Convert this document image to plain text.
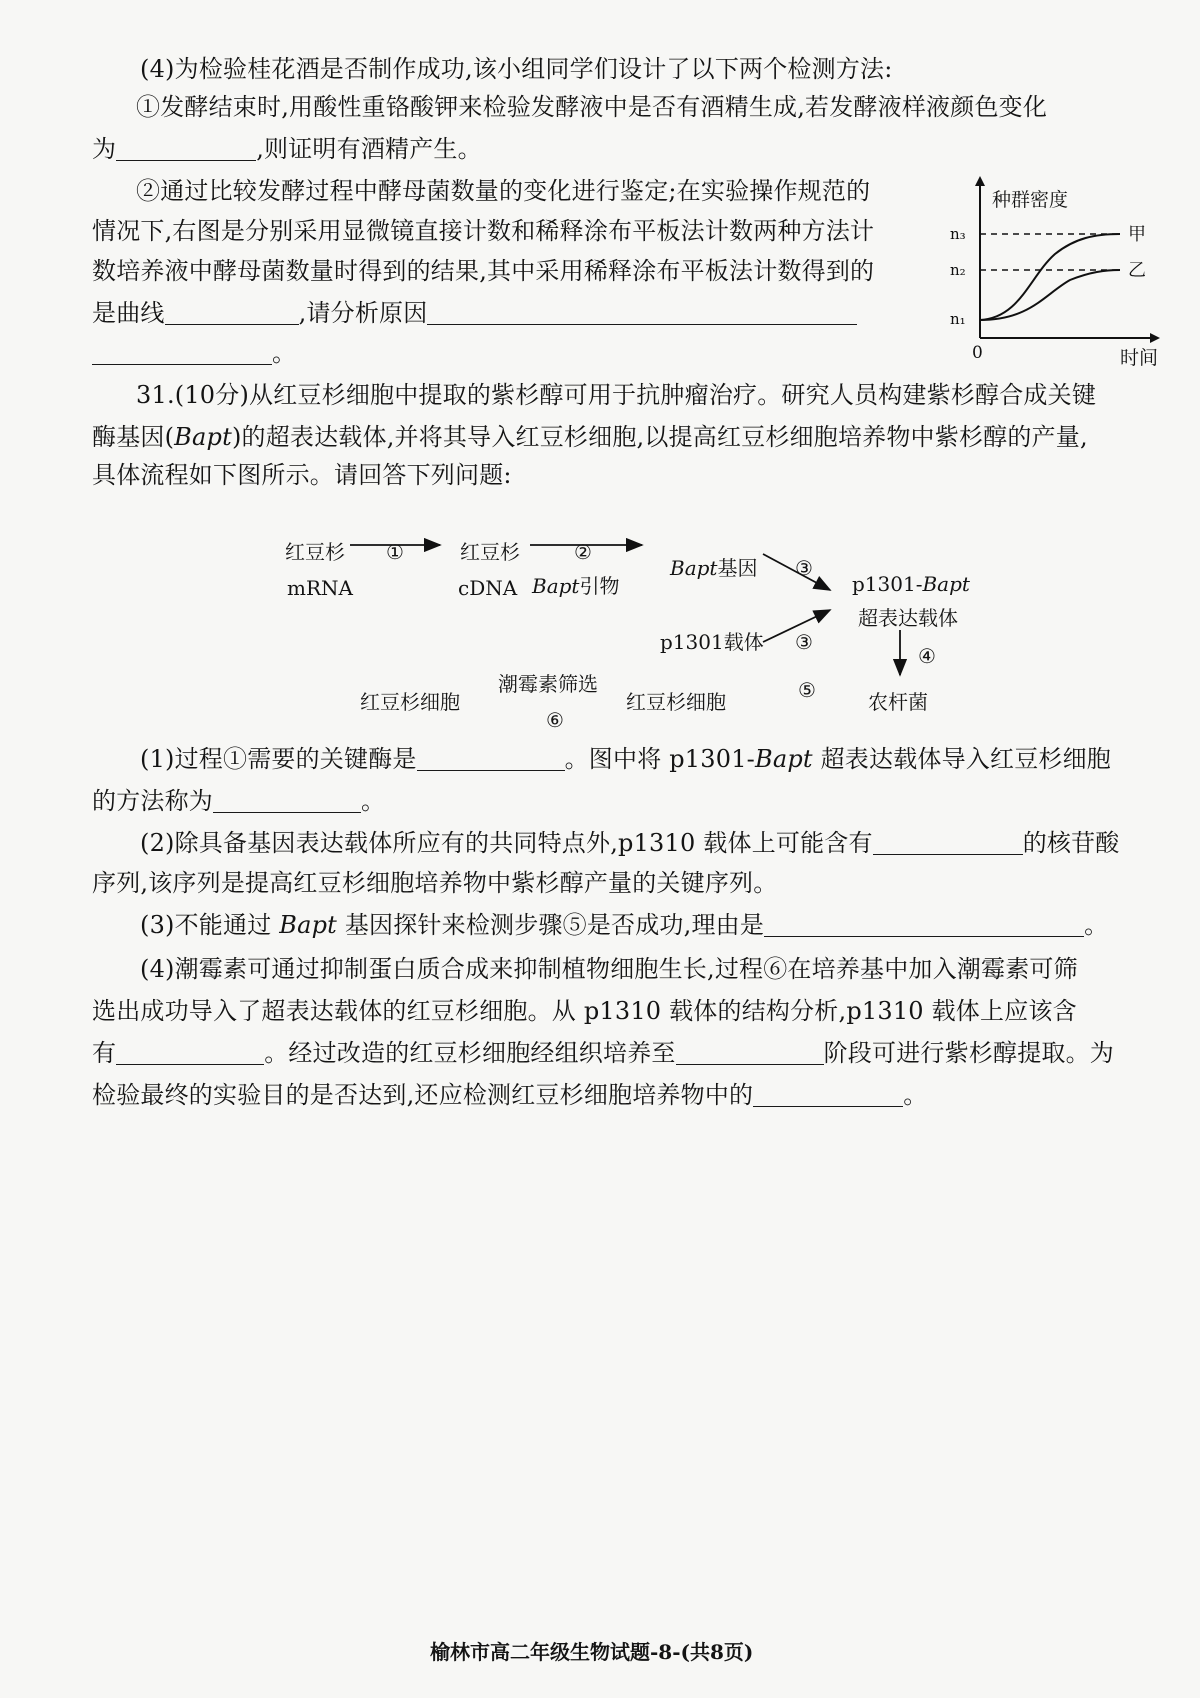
(4)为检验桂花酒是否制作成功,该小组同学们设计了以下两个检测方法:
①发酵结束时,用酸性重铬酸钾来检验发酵液中是否有酒精生成,若发酵液样液颜色变化
为	,则证明有酒精产生。
②通过比较发酵过程中酵母菌数量的变化进行鉴定;在实验操作规范的
情况下,右图是分别采用显微镜直接计数和稀释涂布平板法计数两种方法计
数培养液中酵母菌数量时得到的结果,其中采用稀释涂布平板法计数得到的
是曲线	,请分析原因
。
种群密度
n₃
n₂
n₁
甲
乙
0	时间
31.(10分)从红豆杉细胞中提取的紫杉醇可用于抗肿瘤治疗。研究人员构建紫杉醇合成关键
酶基因(Bapt)的超表达载体,并将其导入红豆杉细胞,以提高红豆杉细胞培养物中紫杉醇的产量,
具体流程如下图所示。请回答下列问题:
红豆杉
mRNA
①	红豆杉
cDNA
②
Bapt引物
Bapt基因 ③
p1301-Bapt
超表达载体
p1301载体 ③
④
农杆菌
⑤
红豆杉细胞
潮霉素筛选
⑥
红豆杉细胞
(1)过程①需要的关键酶是	。图中将 p1301-Bapt 超表达载体导入红豆杉细胞
的方法称为	。
(2)除具备基因表达载体所应有的共同特点外,p1310 载体上可能含有	的核苷酸
序列,该序列是提高红豆杉细胞培养物中紫杉醇产量的关键序列。
(3)不能通过 Bapt 基因探针来检测步骤⑤是否成功,理由是	。
(4)潮霉素可通过抑制蛋白质合成来抑制植物细胞生长,过程⑥在培养基中加入潮霉素可筛
选出成功导入了超表达载体的红豆杉细胞。从 p1310 载体的结构分析,p1310 载体上应该含
有	。经过改造的红豆杉细胞经组织培养至	阶段可进行紫杉醇提取。为
检验最终的实验目的是否达到,还应检测红豆杉细胞培养物中的	。
榆林市高二年级生物试题-8-(共8页)
